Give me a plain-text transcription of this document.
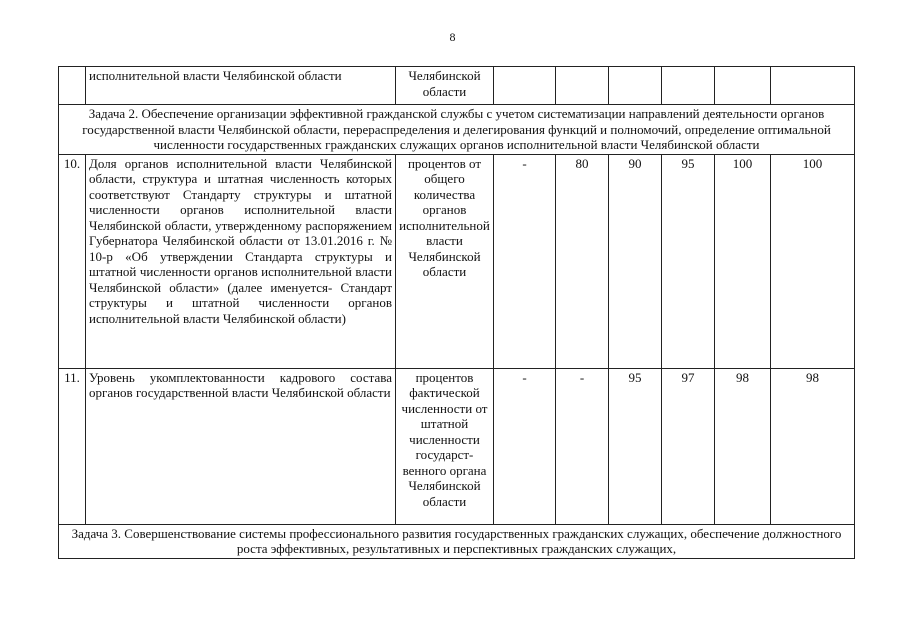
8
	исполнительной власти Челябинской области	Челябинской области						
Задача 2. Обеспечение организации эффективной гражданской службы с учетом систематизации направлений деятельности органов государственной власти Челябинской области, перераспределения и делегирования функций и полномочий, определение оптимальной численности государственных гражданских служащих органов исполнительной власти Челябинской области								
10.	Доля органов исполнительной власти Челябинской области, структура и штатная численность которых соответствуют Стандарту структуры и штатной численности органов исполнительной власти Челябинской области, утвержденному распоряжением Губернатора Челябинской области от 13.01.2016 г. № 10-р «Об утверждении Стандарта структуры и штатной численности органов исполнительной власти Челябинской области» (далее именуется- Стандарт структуры и штатной численности органов исполнительной власти Челябинской области)	процентов от общего количества органов исполнительной власти Челябинской области	-	80	90	95	100	100
11.	Уровень укомплектованности кадрового состава органов государственной власти Челябинской области	процентов фактической численности от штатной численности государст-венного органа Челябинской области	-	-	95	97	98	98
Задача 3. Совершенствование системы профессионального развития государственных гражданских служащих, обеспечение должностного роста эффективных, результативных и перспективных гражданских служащих,								
